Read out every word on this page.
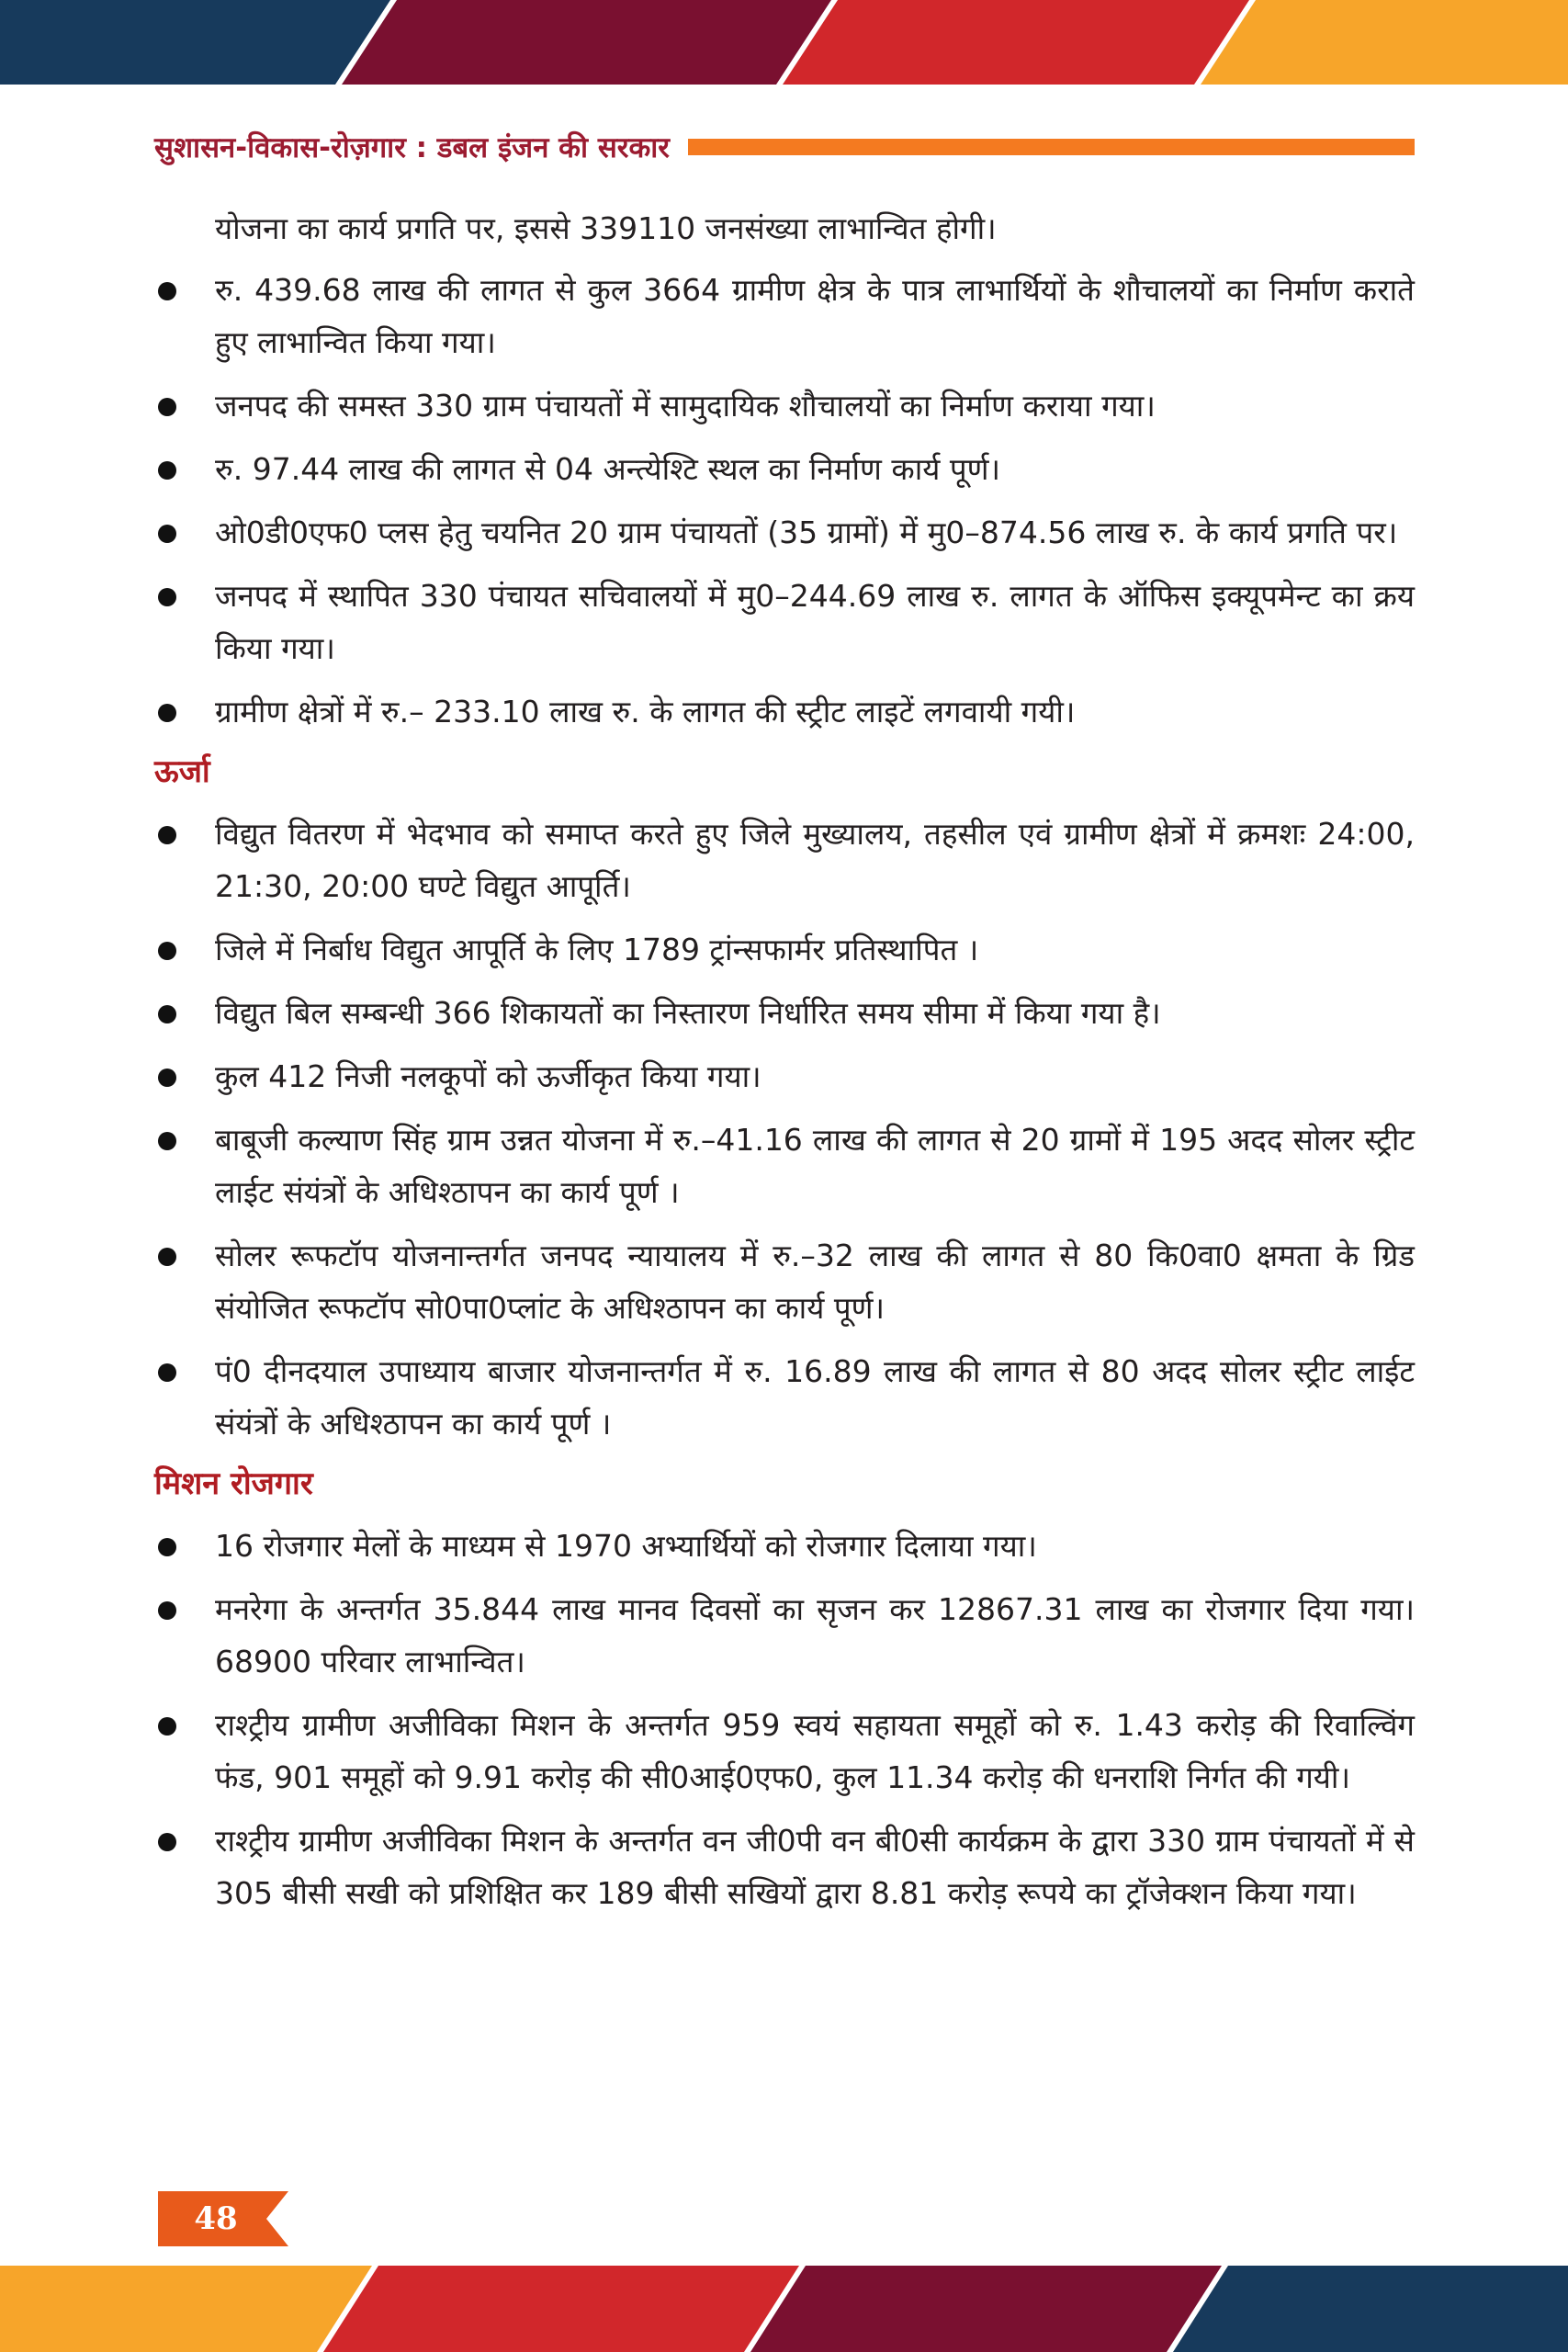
सुशासन-विकास-रोज़गार : डबल इंजन की सरकार

योजना का कार्य प्रगति पर, इससे 339110 जनसंख्या लाभान्वित होगी।

रु. 439.68 लाख की लागत से कुल 3664 ग्रामीण क्षेत्र के पात्र लाभार्थियों के शौचालयों का निर्माण कराते हुए लाभान्वित किया गया।
जनपद की समस्त 330 ग्राम पंचायतों में सामुदायिक शौचालयों का निर्माण कराया गया।
रु. 97.44 लाख की लागत से 04 अन्त्येश्टि स्थल का निर्माण कार्य पूर्ण।
ओ0डी0एफ0 प्लस हेतु चयनित 20 ग्राम पंचायतों (35 ग्रामों) में मु0–874.56 लाख रु. के कार्य प्रगति पर।
जनपद में स्थापित 330 पंचायत सचिवालयों में मु0–244.69 लाख रु. लागत के ऑफिस इक्यूपमेन्ट का क्रय किया गया।
ग्रामीण क्षेत्रों में रु.– 233.10 लाख रु. के लागत की स्ट्रीट लाइटें लगवायी गयी।
ऊर्जा
विद्युत वितरण में भेदभाव को समाप्त करते हुए जिले मुख्यालय, तहसील एवं ग्रामीण क्षेत्रों में क्रमशः 24:00, 21:30, 20:00 घण्टे विद्युत आपूर्ति।
जिले में निर्बाध विद्युत आपूर्ति के लिए 1789 ट्रांन्सफार्मर प्रतिस्थापित ।
विद्युत बिल सम्बन्धी 366 शिकायतों का निस्तारण निर्धारित समय सीमा में किया गया है।
कुल 412 निजी नलकूपों को ऊर्जीकृत किया गया।
बाबूजी कल्याण सिंह ग्राम उन्नत योजना में रु.–41.16 लाख की लागत से 20 ग्रामों में 195 अदद सोलर स्ट्रीट लाईट संयंत्रों के अधिश्ठापन का कार्य पूर्ण ।
सोलर रूफटॉप योजनान्तर्गत जनपद न्यायालय में रु.–32 लाख की लागत से 80 कि0वा0 क्षमता के ग्रिड संयोजित रूफटॉप सो0पा0प्लांट के अधिश्ठापन का कार्य पूर्ण।
पं0 दीनदयाल उपाध्याय बाजार योजनान्तर्गत में रु. 16.89 लाख की लागत से 80 अदद सोलर स्ट्रीट लाईट संयंत्रों के अधिश्ठापन का कार्य पूर्ण ।
मिशन रोजगार
16 रोजगार मेलों के माध्यम से 1970 अभ्यार्थियों को रोजगार दिलाया गया।
मनरेगा के अन्तर्गत 35.844 लाख मानव दिवसों का सृजन कर 12867.31 लाख का रोजगार दिया गया। 68900 परिवार लाभान्वित।
राश्ट्रीय ग्रामीण अजीविका मिशन के अन्तर्गत 959 स्वयं सहायता समूहों को रु. 1.43 करोड़ की रिवाल्विंग फंड, 901 समूहों को 9.91 करोड़ की सी0आई0एफ0, कुल 11.34 करोड़ की धनराशि निर्गत की गयी।
राश्ट्रीय ग्रामीण अजीविका मिशन के अन्तर्गत वन जी0पी वन बी0सी कार्यक्रम के द्वारा 330 ग्राम पंचायतों में से 305 बीसी सखी को प्रशिक्षित कर 189 बीसी सखियों द्वारा 8.81 करोड़ रूपये का ट्रॉजेक्शन किया गया।
48
